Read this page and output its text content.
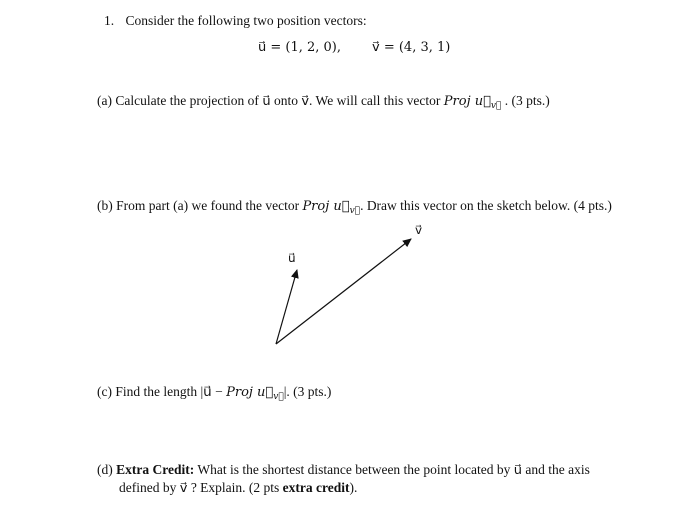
1. Consider the following two position vectors:
u⃗ = (1, 2, 0), v⃗ = (4, 3, 1)
(a) Calculate the projection of u⃗ onto v⃗. We will call this vector Proj $u⃗_{v⃗}$ . (3 pts.)
(b) From part (a) we found the vector Proj $u⃗_{v⃗}$. Draw this vector on the sketch below. (4 pts.)
u⃗
v⃗
(c) Find the length |u⃗ − Proj $u⃗_{v⃗}|$. (3 pts.)
(d) Extra Credit: What is the shortest distance between the point located by u⃗ and the axis
defined by v⃗ ? Explain. (2 pts extra credit).
